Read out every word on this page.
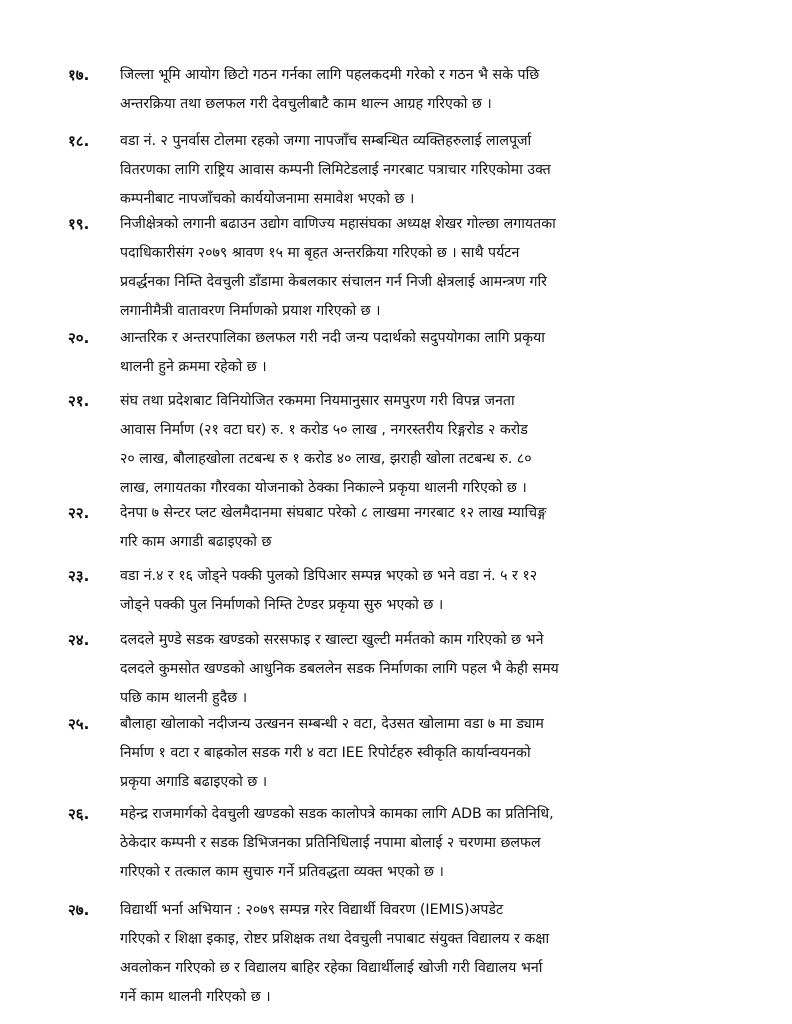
१७.	जिल्ला भूमि आयोग छिटो गठन गर्नका लागि पहलकदमी गरेको र गठन भै सके पछि
अन्तरक्रिया तथा छलफल गरी देवचुलीबाटै काम थाल्न आग्रह गरिएको छ ।

१८.	वडा नं. २ पुनर्वास टोलमा रहको जग्गा नापजाँच सम्बन्धित व्यक्तिहरुलाई लालपूर्जा
वितरणका लागि राष्ट्रिय आवास कम्पनी लिमिटेडलाई नगरबाट पत्राचार गरिएकोमा उक्त
कम्पनीबाट नापजाँचको कार्ययोजनामा समावेश भएको छ ।

१९.	निजीक्षेत्रको लगानी बढाउन उद्योग वाणिज्य महासंघका अध्यक्ष शेखर गोल्छा लगायतका
पदाधिकारीसंग २०७९ श्रावण १५ मा बृहत अन्तरक्रिया गरिएको छ । साथै पर्यटन
प्रवर्द्धनका निम्ति देवचुली डाँडामा केबलकार संचालन गर्न निजी क्षेत्रलाई आमन्त्रण गरि
लगानीमैत्री वातावरण निर्माणको प्रयाश गरिएको छ ।

२०.	आन्तरिक र अन्तरपालिका छलफल गरी नदी जन्य पदार्थको सदुपयोगका लागि प्रकृया
थालनी हुने क्रममा रहेको छ ।

२१.	संघ तथा प्रदेशबाट विनियोजित रकममा नियमानुसार समपुरण गरी विपन्न जनता
आवास निर्माण (२१ वटा घर) रु. १ करोड ५० लाख , नगरस्तरीय रिङ्गरोड २ करोड
२० लाख, बौलाहखोला तटबन्ध रु १ करोड ४० लाख, झराही खोला तटबन्ध रु. ८०
लाख, लगायतका गौरवका योजनाको ठेक्का निकाल्ने प्रकृया थालनी गरिएको छ ।

२२.	देनपा ७ सेन्टर प्लट खेलमैदानमा संघबाट परेको ८ लाखमा नगरबाट १२ लाख म्याचिङ्ग
गरि काम अगाडी बढाइएको छ

२३.	वडा नं.४ र १६ जोड्ने पक्की पुलको डिपिआर सम्पन्न भएको छ भने वडा नं. ५ र १२
जोड्ने पक्की पुल निर्माणको निम्ति टेण्डर प्रकृया सुरु भएको छ ।

२४.	दलदले मुण्डे सडक खण्डको सरसफाइ र खाल्टा खुल्टी मर्मतको काम गरिएको छ भने
दलदले कुमसोत खण्डको आधुनिक डबललेन सडक निर्माणका लागि पहल भै केही समय
पछि काम थालनी हुदैछ ।

२५.	बौलाहा खोलाको नदीजन्य उत्खनन सम्बन्धी २ वटा, देउसत खोलामा वडा ७ मा ड्याम
निर्माण १ वटा र बाह्रकोल सडक गरी ४ वटा IEE रिपोर्टहरु स्वीकृति कार्यान्वयनको
प्रकृया अगाडि बढाइएको छ ।

२६.	महेन्द्र राजमार्गको देवचुली खण्डको सडक कालोपत्रे कामका लागि ADB का प्रतिनिधि,
ठेकेदार कम्पनी र सडक डिभिजनका प्रतिनिधिलाई नपामा बोलाई २ चरणमा छलफल
गरिएको र तत्काल काम सुचारु गर्ने प्रतिवद्धता व्यक्त भएको छ ।

२७.	विद्यार्थी भर्ना अभियान : २०७९ सम्पन्न गरेर विद्यार्थी विवरण (IEMIS)अपडेट
गरिएको र शिक्षा इकाइ, रोष्टर प्रशिक्षक तथा देवचुली नपाबाट संयुक्त विद्यालय र कक्षा
अवलोकन गरिएको छ र विद्यालय बाहिर रहेका विद्यार्थीलाई खोजी गरी विद्यालय भर्ना
गर्ने काम थालनी गरिएको छ ।
